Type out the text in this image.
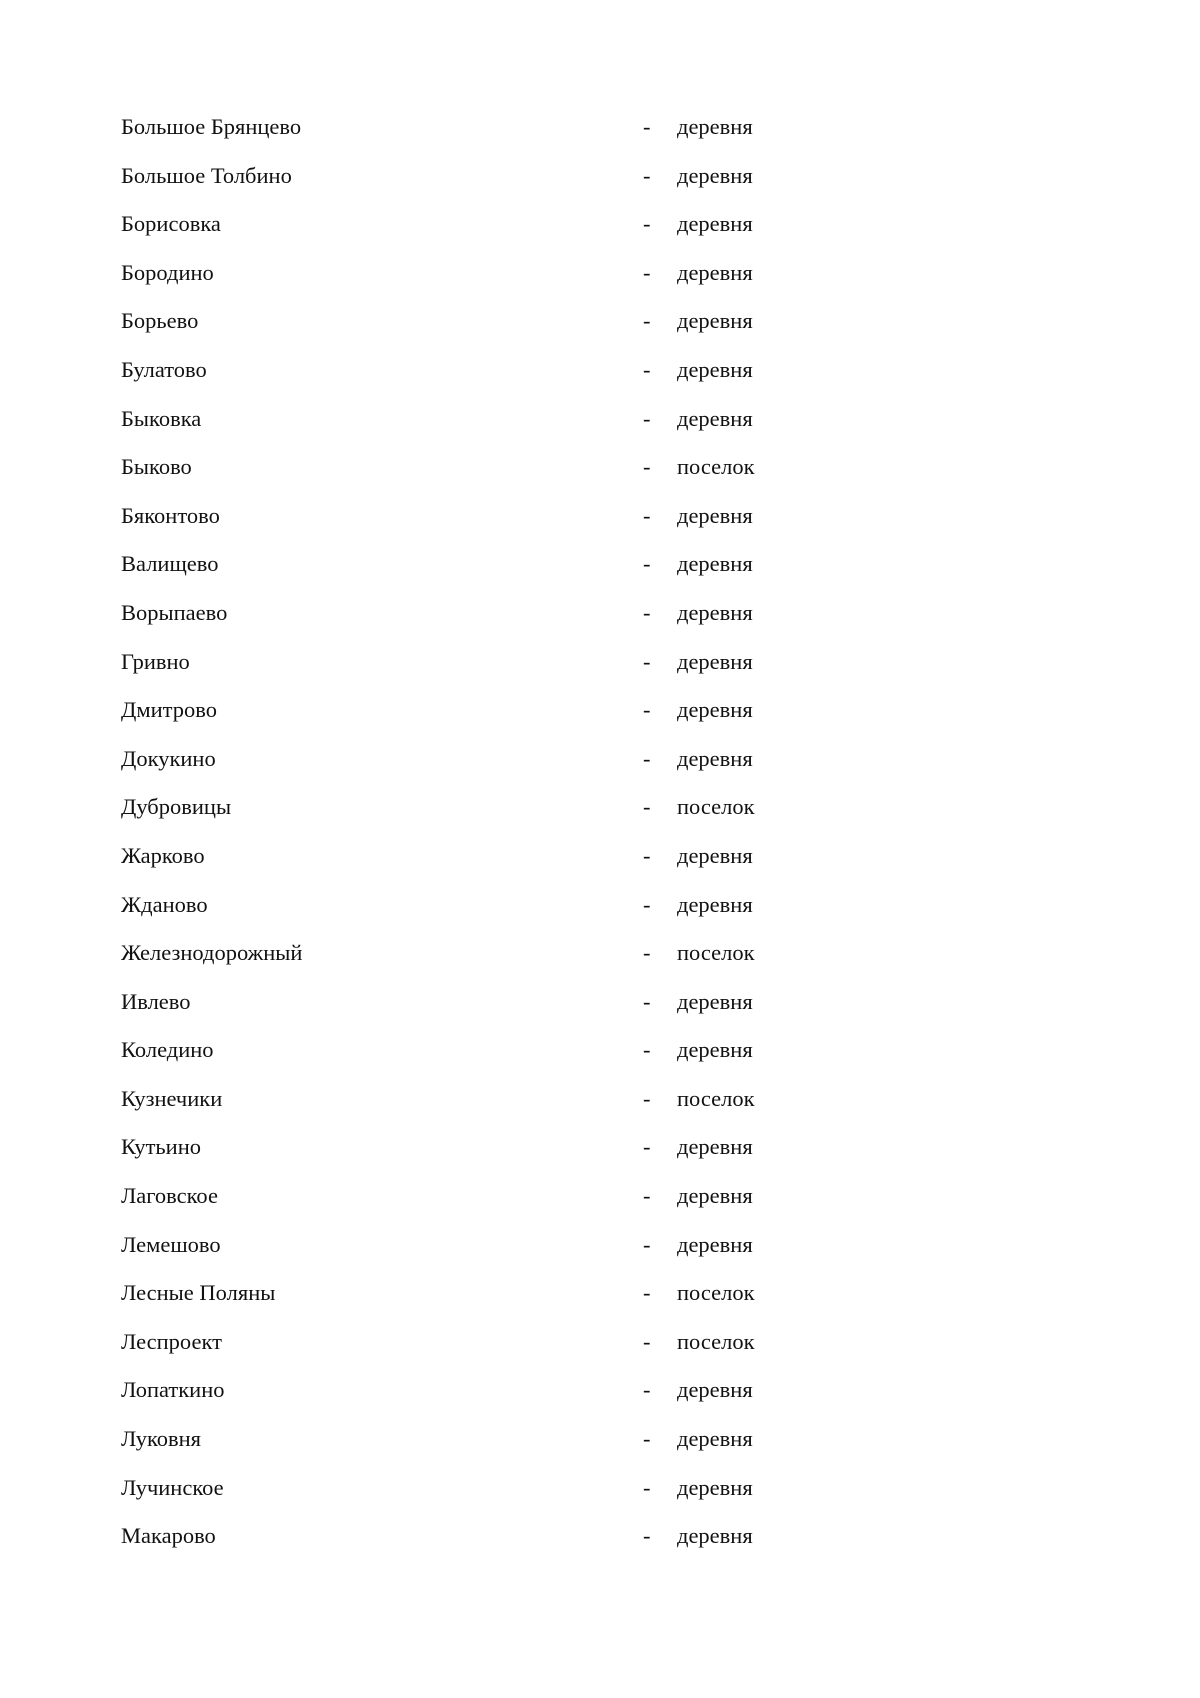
Большое Брянцево	- деревня
Большое Толбино	- деревня
Борисовка	- деревня
Бородино	- деревня
Борьево	- деревня
Булатово	- деревня
Быковка	- деревня
Быково	- поселок
Бяконтово	- деревня
Валищево	- деревня
Ворыпаево	- деревня
Гривно	- деревня
Дмитрово	- деревня
Докукино	- деревня
Дубровицы	- поселок
Жарково	- деревня
Жданово	- деревня
Железнодорожный	- поселок
Ивлево	- деревня
Коледино	- деревня
Кузнечики	- поселок
Кутьино	- деревня
Лаговское	- деревня
Лемешово	- деревня
Лесные Поляны	- поселок
Леспроект	- поселок
Лопаткино	- деревня
Луковня	- деревня
Лучинское	- деревня
Макарово	- деревня
